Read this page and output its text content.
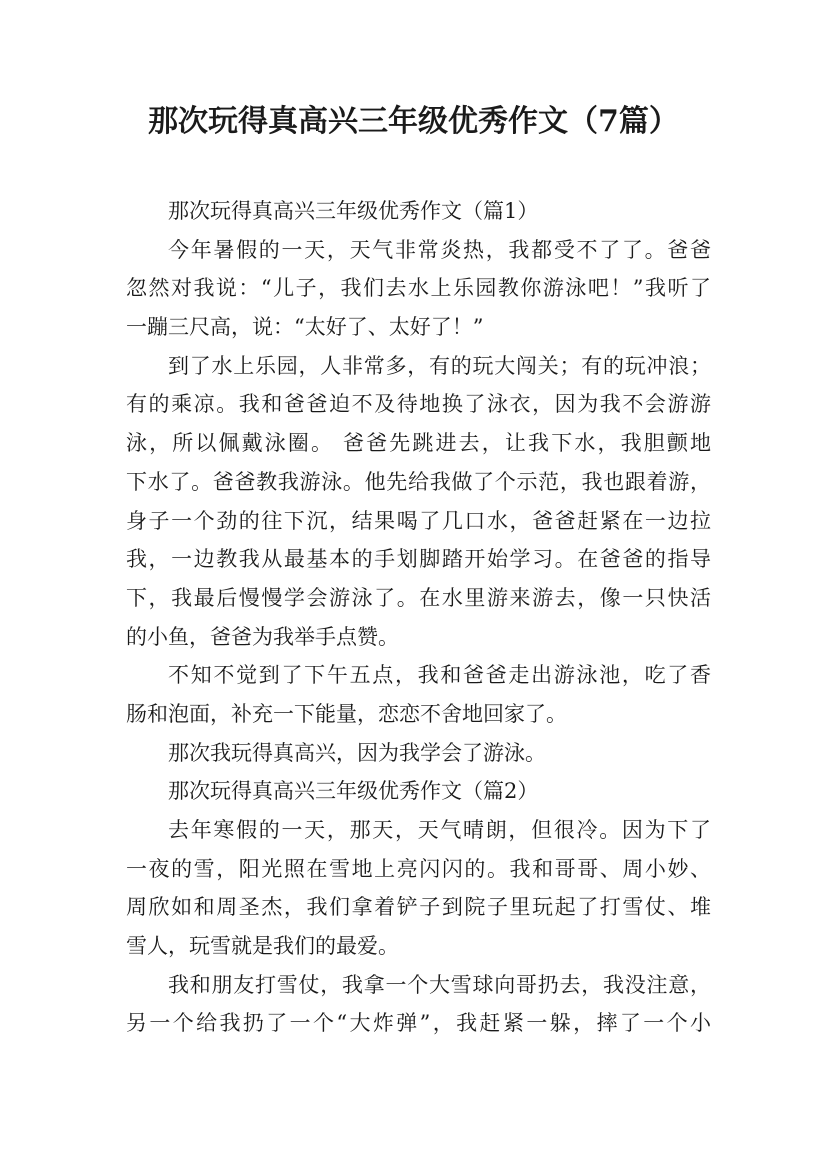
那次玩得真高兴三年级优秀作文（7篇）
那次玩得真高兴三年级优秀作文（篇1）
今年暑假的一天，天气非常炎热，我都受不了了。爸爸
忽然对我说：“儿子，我们去水上乐园教你游泳吧！”我听了
一蹦三尺高，说：“太好了、太好了！”
到了水上乐园，人非常多，有的玩大闯关；有的玩冲浪；
有的乘凉。我和爸爸迫不及待地换了泳衣，因为我不会游游
泳，所以佩戴泳圈。 爸爸先跳进去，让我下水，我胆颤地
下水了。爸爸教我游泳。他先给我做了个示范，我也跟着游，
身子一个劲的往下沉，结果喝了几口水，爸爸赶紧在一边拉
我，一边教我从最基本的手划脚踏开始学习。在爸爸的指导
下，我最后慢慢学会游泳了。在水里游来游去，像一只快活
的小鱼，爸爸为我举手点赞。
不知不觉到了下午五点，我和爸爸走出游泳池，吃了香
肠和泡面，补充一下能量，恋恋不舍地回家了。
那次我玩得真高兴，因为我学会了游泳。
那次玩得真高兴三年级优秀作文（篇2）
去年寒假的一天，那天，天气晴朗，但很冷。因为下了
一夜的雪，阳光照在雪地上亮闪闪的。我和哥哥、周小妙、
周欣如和周圣杰，我们拿着铲子到院子里玩起了打雪仗、堆
雪人，玩雪就是我们的最爱。
我和朋友打雪仗，我拿一个大雪球向哥扔去，我没注意，
另一个给我扔了一个“大炸弹”，我赶紧一躲，摔了一个小
